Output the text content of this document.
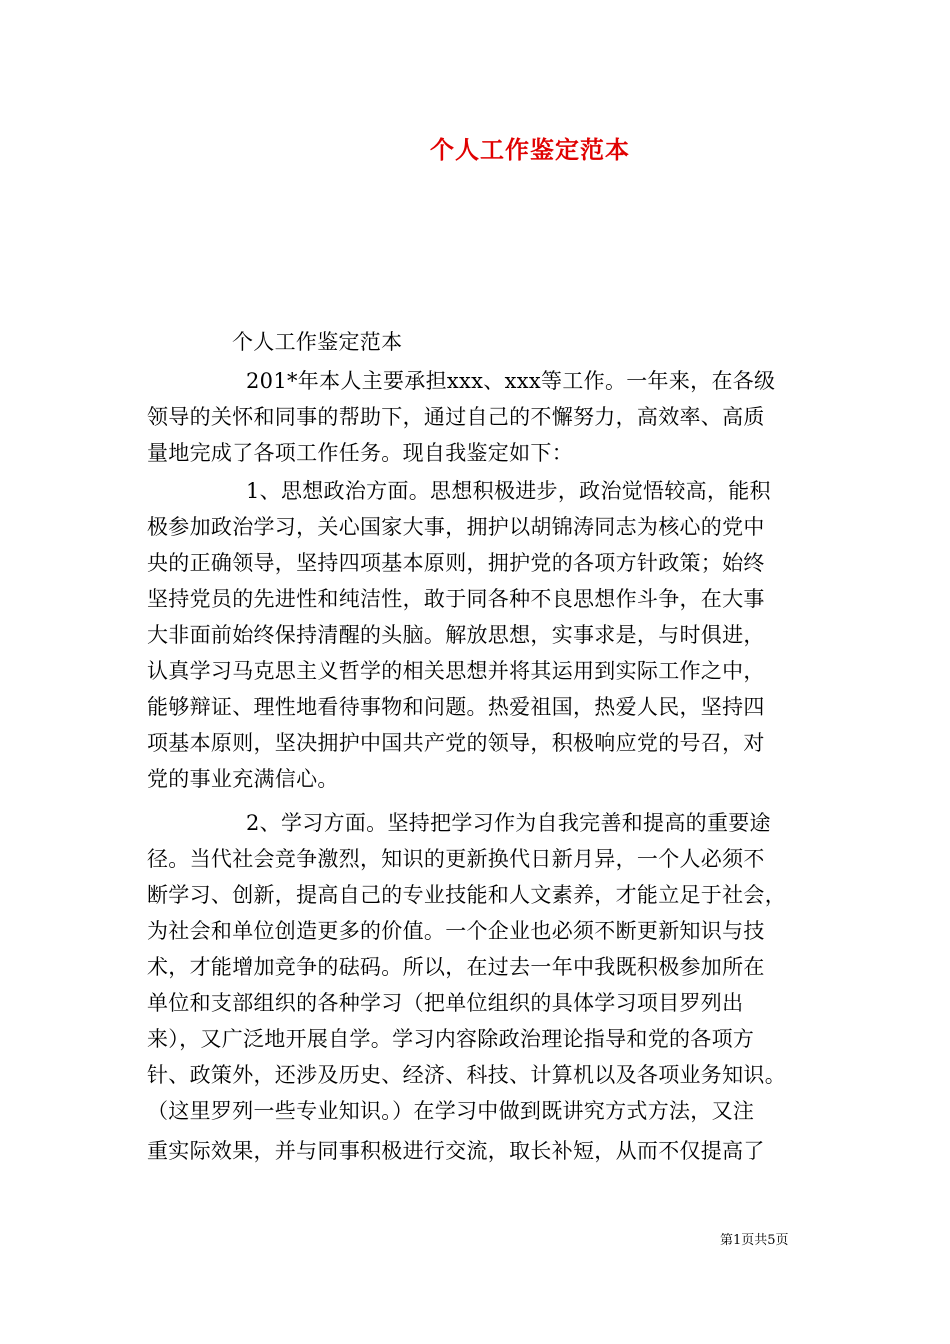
个人工作鉴定范本
个人工作鉴定范本
201*年本人主要承担xxx、xxx等工作。一年来，在各级
领导的关怀和同事的帮助下，通过自己的不懈努力，高效率、高质
量地完成了各项工作任务。现自我鉴定如下：
1、思想政治方面。思想积极进步，政治觉悟较高，能积
极参加政治学习，关心国家大事，拥护以胡锦涛同志为核心的党中
央的正确领导，坚持四项基本原则，拥护党的各项方针政策；始终
坚持党员的先进性和纯洁性，敢于同各种不良思想作斗争，在大事
大非面前始终保持清醒的头脑。解放思想，实事求是，与时俱进，
认真学习马克思主义哲学的相关思想并将其运用到实际工作之中，
能够辩证、理性地看待事物和问题。热爱祖国，热爱人民，坚持四
项基本原则，坚决拥护中国共产党的领导，积极响应党的号召，对
党的事业充满信心。
2、学习方面。坚持把学习作为自我完善和提高的重要途
径。当代社会竞争激烈，知识的更新换代日新月异，一个人必须不
断学习、创新，提高自己的专业技能和人文素养，才能立足于社会，
为社会和单位创造更多的价值。一个企业也必须不断更新知识与技
术，才能增加竞争的砝码。所以，在过去一年中我既积极参加所在
单位和支部组织的各种学习（把单位组织的具体学习项目罗列出
来），又广泛地开展自学。学习内容除政治理论指导和党的各项方
针、政策外，还涉及历史、经济、科技、计算机以及各项业务知识。
（这里罗列一些专业知识。）在学习中做到既讲究方式方法，又注
重实际效果，并与同事积极进行交流，取长补短，从而不仅提高了
第1页共5页
